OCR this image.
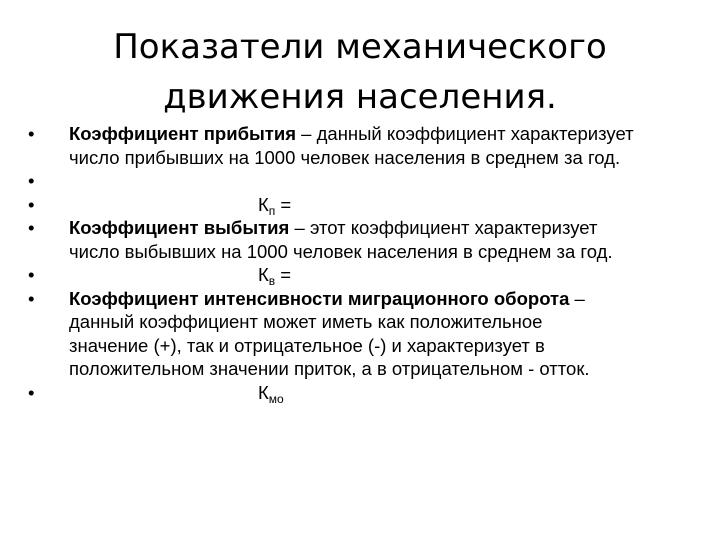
Показатели механического
движения населения.
• Коэффициент прибытия – данный коэффициент характеризует
число прибывших на 1000 человек населения в среднем за год.
•
•	$К_п$ =
• Коэффициент выбытия – этот коэффициент характеризует
число выбывших на 1000 человек населения в среднем за год.
•	$К_в$ =
• Коэффициент интенсивности миграционного оборота –
данный коэффициент может иметь как положительное
значение (+), так и отрицательное (-) и характеризует в
положительном значении приток, а в отрицательном - отток.
•	$К_{мо}$
